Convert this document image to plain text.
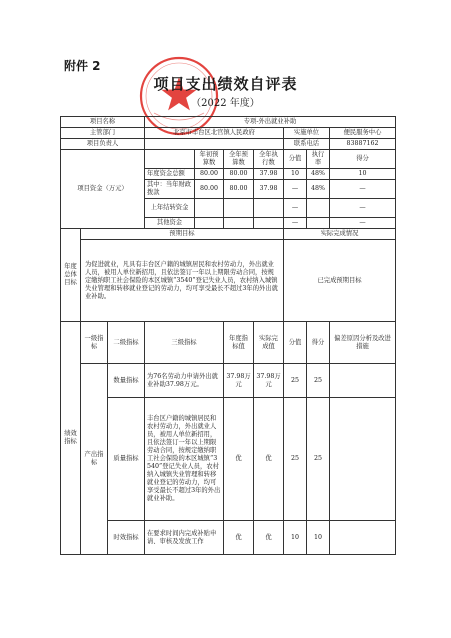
附件 2
项目支出绩效自评表
（2022 年度）
项目名称			专项-外出就业补助						
主管部门			北京市丰台区北官镇人民政府				实施单位		便民服务中心
项目负责人							联系电话		83887162
项目资金（万元）				年初预算数	全年预算数	全年执行数	分值	执行率	得分
			年度资金总额	80.00	80.00	37.98	10	48%	10
			其中：当年财政拨款	80.00	80.00	37.98	—	48%	—
			上年结转资金				—		—
			其他资金				—		—
年度总体目标	预期目标						实际完成情况		
	为促进就业，凡具有丰台区户籍的城镇居民和农村劳动力，外出就业人员，被用人单位新招用，且依法签订一年以上期限劳动合同，按规定缴纳职工社会保险的本区城镇“3540”登记失业人员，农村纳入城镇失业管理和转移就业登记的劳动力，均可享受最长不超过3年的外出就业补助。						已完成预期目标		
绩效指标	一级指标	二级指标	三级指标		年度指标值	实际完成值	分值	得分	偏差原因分析及改进措施
	产出指标	数量指标	为76名劳动力申请外出就业补助37.98万元。		37.98万元	37.98万元	25	25	
		质量指标	丰台区户籍的城镇居民和农村劳动力，外出就业人员，被用人单位新招用，且依法签订一年以上期限劳动合同，按规定缴纳职工社会保险的本区城镇“3540”登记失业人员，农村纳入城镇失业管理和转移就业登记的劳动力，均可享受最长不超过3年的外出就业补助。		优	优	25	25	
		时效指标	在要求时间内完成补贴申请、审核及发放工作		优	优	10	10	
